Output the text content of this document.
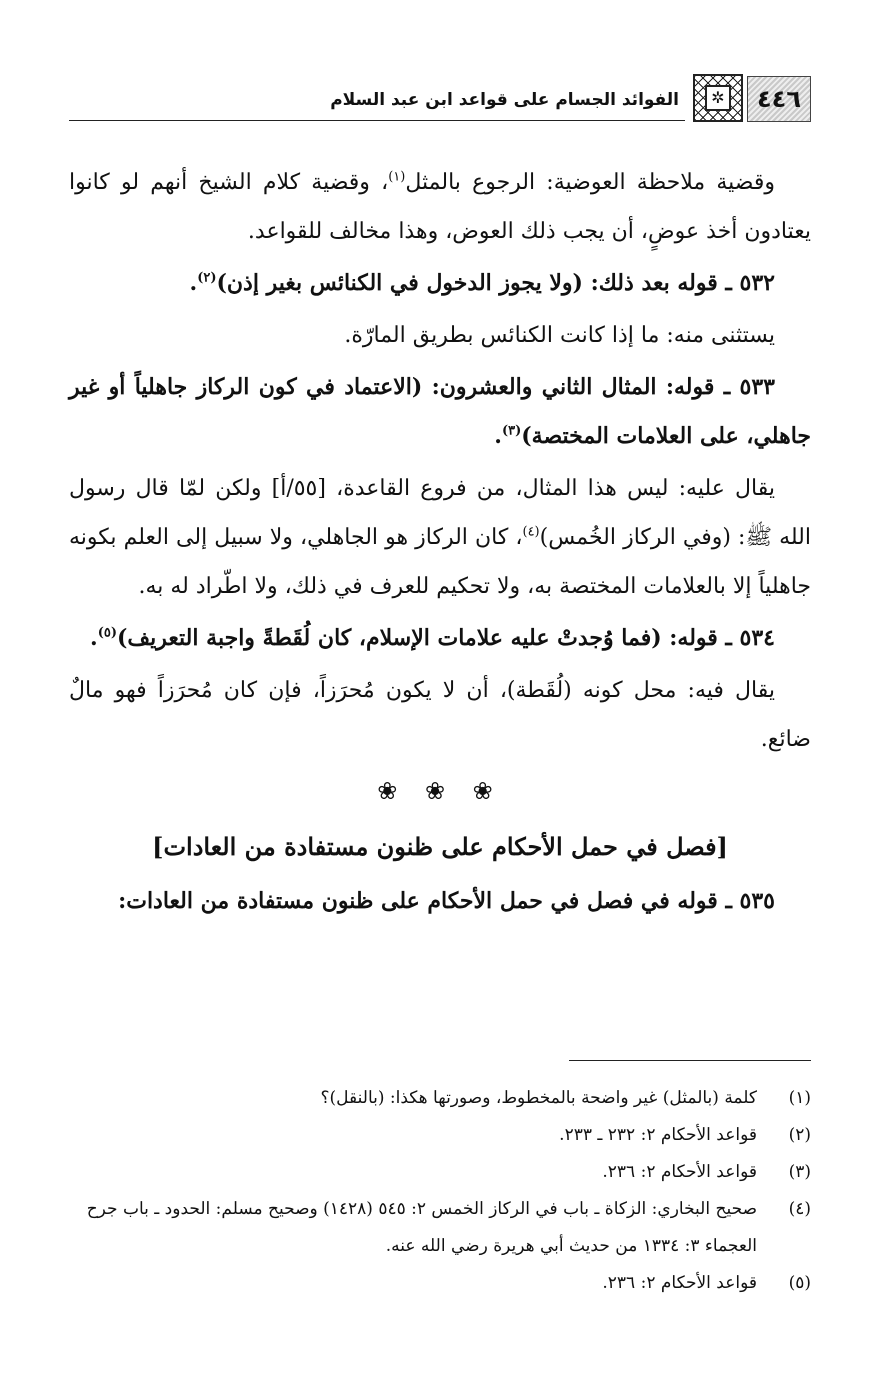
٤٤٦
✲
الفوائد الجسام على قواعد ابن عبد السلام

وقضية ملاحظة العوضية: الرجوع بالمثل$^{(١)}$، وقضية كلام الشيخ أنهم لو كانوا يعتادون أخذ عوضٍ، أن يجب ذلك العوض، وهذا مخالف للقواعد.

٥٣٢ ـ قوله بعد ذلك: (ولا يجوز الدخول في الكنائس بغير إذن)$^{(٢)}$.

يستثنى منه: ما إذا كانت الكنائس بطريق المارّة.

٥٣٣ ـ قوله: المثال الثاني والعشرون: (الاعتماد في كون الركاز جاهلياً أو غير جاهلي، على العلامات المختصة)$^{(٣)}$.

يقال عليه: ليس هذا المثال، من فروع القاعدة، [٥٥/أ] ولكن لمّا قال رسول الله ﷺ: (وفي الركاز الخُمس)$^{(٤)}$، كان الركاز هو الجاهلي، ولا سبيل إلى العلم بكونه جاهلياً إلا بالعلامات المختصة به، ولا تحكيم للعرف في ذلك، ولا اطّراد له به.

٥٣٤ ـ قوله: (فما وُجدتْ عليه علامات الإسلام، كان لُقَطةً واجبة التعريف)$^{(٥)}$.

يقال فيه: محل كونه (لُقَطة)، أن لا يكون مُحرَزاً، فإن كان مُحرَزاً فهو مالٌ ضائع.

❀ ❀ ❀

[فصل في حمل الأحكام على ظنون مستفادة من العادات]

٥٣٥ ـ قوله في فصل في حمل الأحكام على ظنون مستفادة من العادات:

(١)
كلمة (بالمثل) غير واضحة بالمخطوط، وصورتها هكذا: (بالنقل)؟
(٢)
قواعد الأحكام ٢: ٢٣٢ ـ ٢٣٣.
(٣)
قواعد الأحكام ٢: ٢٣٦.
(٤)
صحيح البخاري: الزكاة ـ باب في الركاز الخمس ٢: ٥٤٥ (١٤٢٨) وصحيح مسلم: الحدود ـ باب جرح العجماء ٣: ١٣٣٤ من حديث أبي هريرة رضي الله عنه.
(٥)
قواعد الأحكام ٢: ٢٣٦.
